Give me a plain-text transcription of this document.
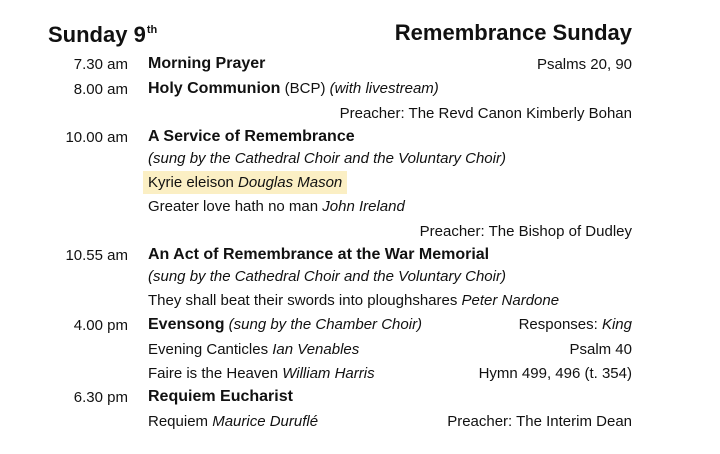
Sunday 9th	Remembrance Sunday
7.30 am Morning Prayer	Psalms 20, 90
8.00 am Holy Communion (BCP) (with livestream)
Preacher: The Revd Canon Kimberly Bohan
10.00 am A Service of Remembrance
(sung by the Cathedral Choir and the Voluntary Choir)
Kyrie eleison Douglas Mason
Greater love hath no man John Ireland
Preacher: The Bishop of Dudley
10.55 am An Act of Remembrance at the War Memorial
(sung by the Cathedral Choir and the Voluntary Choir)
They shall beat their swords into ploughshares Peter Nardone
4.00 pm Evensong (sung by the Chamber Choir)	Responses: King
Evening Canticles Ian Venables	Psalm 40
Faire is the Heaven William Harris	Hymn 499, 496 (t. 354)
6.30 pm Requiem Eucharist
Requiem Maurice Duruflé	Preacher: The Interim Dean
